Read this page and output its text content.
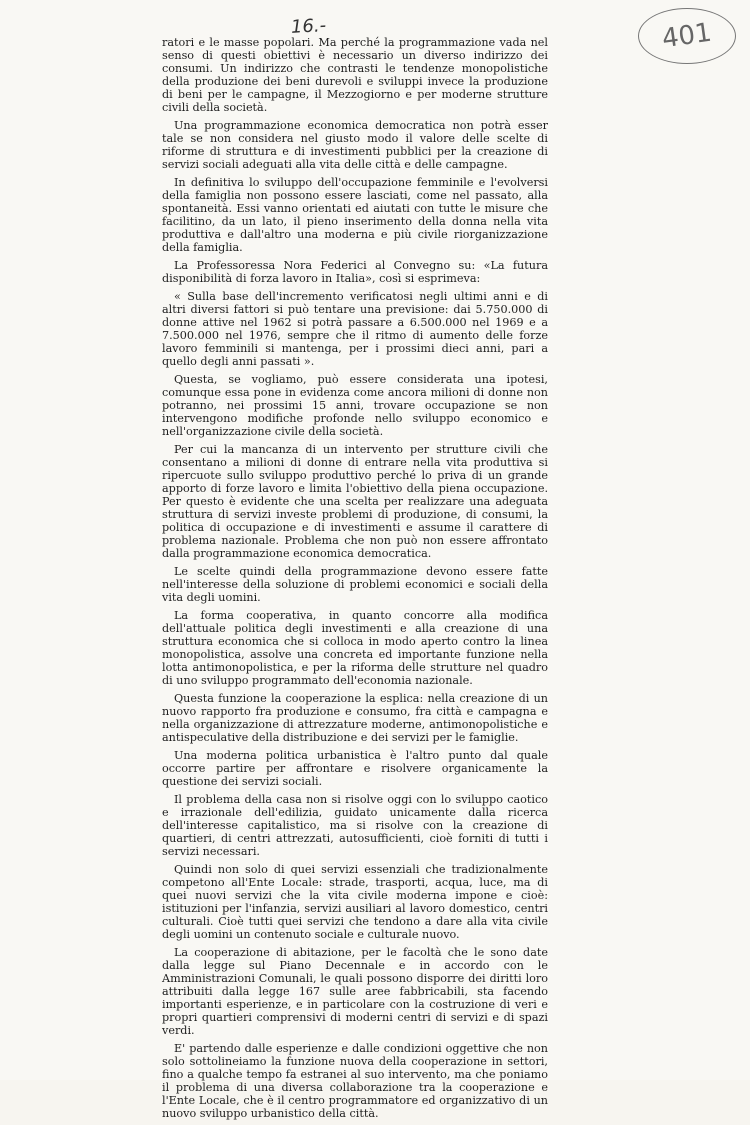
16.-	401

ratori e le masse popolari. Ma perché la programmazione vada nel senso di questi obiettivi è necessario un diverso indirizzo dei consumi. Un indirizzo che contrasti le tendenze monopolistiche della produzione dei beni durevoli e sviluppi invece la produzione di beni per le campagne, il Mezzogiorno e per moderne strutture civili della società.

Una programmazione economica democratica non potrà esser tale se non considera nel giusto modo il valore delle scelte di riforme di struttura e di investimenti pubblici per la creazione di servizi sociali adeguati alla vita delle città e delle campagne.

In definitiva lo sviluppo dell'occupazione femminile e l'evolversi della famiglia non possono essere lasciati, come nel passato, alla spontaneità. Essi vanno orientati ed aiutati con tutte le misure che facilitino, da un lato, il pieno inserimento della donna nella vita produttiva e dall'altro una moderna e più civile riorganizzazione della famiglia.

La Professoressa Nora Federici al Convegno su: «La futura disponibilità di forza lavoro in Italia», così si esprimeva:

« Sulla base dell'incremento verificatosi negli ultimi anni e di altri diversi fattori si può tentare una previsione: dai 5.750.000 di donne attive nel 1962 si potrà passare a 6.500.000 nel 1969 e a 7.500.000 nel 1976, sempre che il ritmo di aumento delle forze lavoro femminili si mantenga, per i prossimi dieci anni, pari a quello degli anni passati ».

Questa, se vogliamo, può essere considerata una ipotesi, comunque essa pone in evidenza come ancora milioni di donne non potranno, nei prossimi 15 anni, trovare occupazione se non intervengono modifiche profonde nello sviluppo economico e nell'organizzazione civile della società.

Per cui la mancanza di un intervento per strutture civili che consentano a milioni di donne di entrare nella vita produttiva si ripercuote sullo sviluppo produttivo perché lo priva di un grande apporto di forze lavoro e limita l'obiettivo della piena occupazione. Per questo è evidente che una scelta per realizzare una adeguata struttura di servizi investe problemi di produzione, di consumi, la politica di occupazione e di investimenti e assume il carattere di problema nazionale. Problema che non può non essere affrontato dalla programmazione economica democratica.

Le scelte quindi della programmazione devono essere fatte nell'interesse della soluzione di problemi economici e sociali della vita degli uomini.

La forma cooperativa, in quanto concorre alla modifica dell'attuale politica degli investimenti e alla creazione di una struttura economica che si colloca in modo aperto contro la linea monopolistica, assolve una concreta ed importante funzione nella lotta antimonopolistica, e per la riforma delle strutture nel quadro di uno sviluppo programmato dell'economia nazionale.

Questa funzione la cooperazione la esplica: nella creazione di un nuovo rapporto fra produzione e consumo, fra città e campagna e nella organizzazione di attrezzature moderne, antimonopolistiche e antispeculative della distribuzione e dei servizi per le famiglie.

Una moderna politica urbanistica è l'altro punto dal quale occorre partire per affrontare e risolvere organicamente la questione dei servizi sociali.

Il problema della casa non si risolve oggi con lo sviluppo caotico e irrazionale dell'edilizia, guidato unicamente dalla ricerca dell'interesse capitalistico, ma si risolve con la creazione di quartieri, di centri attrezzati, autosufficienti, cioè forniti di tutti i servizi necessari.

Quindi non solo di quei servizi essenziali che tradizionalmente competono all'Ente Locale: strade, trasporti, acqua, luce, ma di quei nuovi servizi che la vita civile moderna impone e cioè: istituzioni per l'infanzia, servizi ausiliari al lavoro domestico, centri culturali. Cioè tutti quei servizi che tendono a dare alla vita civile degli uomini un contenuto sociale e culturale nuovo.

La cooperazione di abitazione, per le facoltà che le sono date dalla legge sul Piano Decennale e in accordo con le Amministrazioni Comunali, le quali possono disporre dei diritti loro attribuiti dalla legge 167 sulle aree fabbricabili, sta facendo importanti esperienze, e in particolare con la costruzione di veri e propri quartieri comprensivi di moderni centri di servizi e di spazi verdi.

E' partendo dalle esperienze e dalle condizioni oggettive che non solo sottolineiamo la funzione nuova della cooperazione in settori, fino a qualche tempo fa estranei al suo intervento, ma che poniamo il problema di una diversa collaborazione tra la cooperazione e l'Ente Locale, che è il centro programmatore ed organizzativo di un nuovo sviluppo urbanistico della città.
